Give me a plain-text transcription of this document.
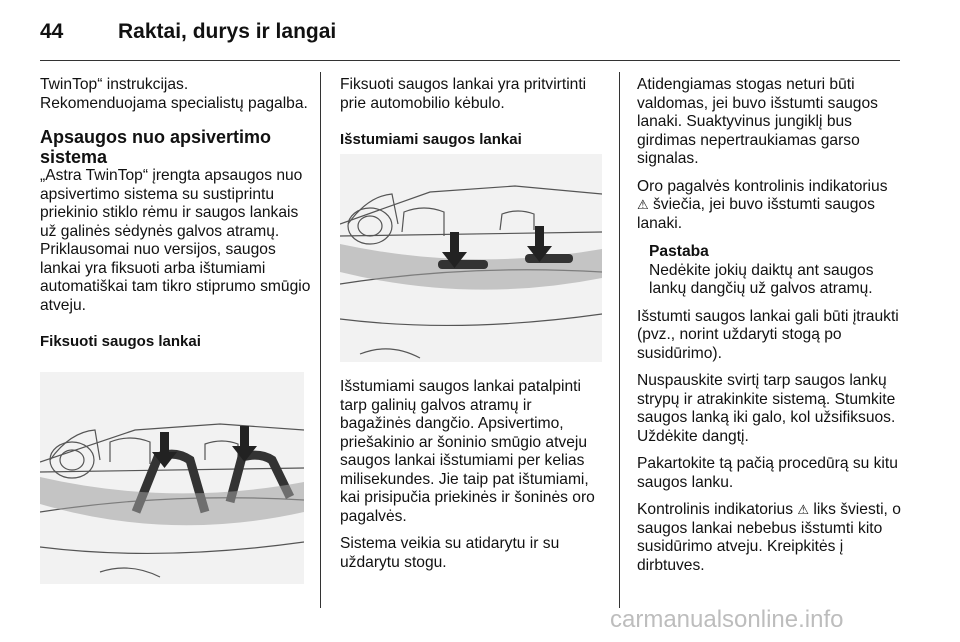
44	Raktai, durys ir langai

TwinTop“ instrukcijas. Rekomenduojama specialistų pagalba.

Apsaugos nuo apsivertimo sistema

„Astra TwinTop“ įrengta apsaugos nuo apsivertimo sistema su sustiprintu priekinio stiklo rėmu ir saugos lankais už galinės sėdynės galvos atramų. Priklausomai nuo versijos, saugos lankai yra fiksuoti arba ištumiami automatiškai tam tikro stiprumo smūgio atveju.

Fiksuoti saugos lankai

Fiksuoti saugos lankai yra pritvirtinti prie automobilio kėbulo.

Išstumiami saugos lankai

Išstumiami saugos lankai patalpinti tarp galinių galvos atramų ir bagažinės dangčio. Apsivertimo, priešakinio ar šoninio smūgio atveju saugos lankai išstumiami per kelias milisekundes. Jie taip pat ištumiami, kai prisipučia priekinės ir šoninės oro pagalvės.

Sistema veikia su atidarytu ir su uždarytu stogu.

Atidengiamas stogas neturi būti valdomas, jei buvo išstumti saugos lanaki. Suaktyvinus jungiklį bus girdimas nepertraukiamas garso signalas.

Oro pagalvės kontrolinis indikatorius
⚠ šviečia, jei buvo išstumti saugos lanaki.

Pastaba
Nedėkite jokių daiktų ant saugos lankų dangčių už galvos atramų.

Išstumti saugos lankai gali būti įtraukti (pvz., norint uždaryti stogą po susidūrimo).

Nuspauskite svirtį tarp saugos lankų strypų ir atrakinkite sistemą. Stumkite saugos lanką iki galo, kol užsifiksuos. Uždėkite dangtį.

Pakartokite tą pačią procedūrą su kitu saugos lanku.

Kontrolinis indikatorius ⚠ liks šviesti, o saugos lankai nebebus išstumti kito susidūrimo atveju. Kreipkitės į dirbtuves.

carmanualsonline.info
